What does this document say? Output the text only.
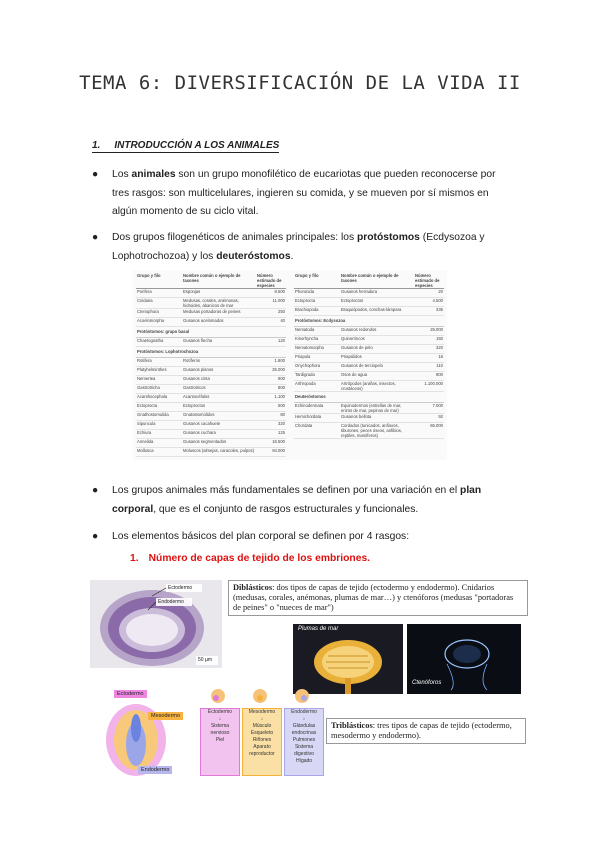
TEMA 6: DIVERSIFICACIÓN DE LA VIDA II
1. INTRODUCCIÓN A LOS ANIMALES
● Los animales son un grupo monofilético de eucariotas que pueden reconocerse por tres rasgos: son multicelulares, ingieren su comida, y se mueven por sí mismos en algún momento de su ciclo vital.
● Dos grupos filogenéticos de animales principales: los protóstomos (Ecdysozoa y Lophotrochozoa) y los deuteróstomos.
Grupo y filo	Nombre común o ejemplo de taxones	Número estimado de especies
Porifera	Esponjas	8.500
Cnidaria	Medusas, corales, anémonas, hidroides, abanicos de mar	11.000
Ctenophora	Medusas portadoras de peines	250
Acoelomorpha	Gusanos acelomados	40
Protóstomos: grupo basal		
Chaetognatha	Gusanos flecha	120
Protóstomos: Lophotrochozoa		
Rotifera	Rotíferos	1.800
Platyhelminthes	Gusanos planos	25.000
Nemertea	Gusanos cinta	900
Gastrotricha	Gastrotricos	800
Acanthocephala	Acantocéfalos	1.100
Ectoprocta	Ectoproctos	500
Gnathostomulida	Gnatostomúlidos	80
Sipuncula	Gusanos cacahuete	320
Echiura	Gusanos cuchara	125
Annelida	Gusanos segmentados	16.500
Mollusca	Moluscos (almejas, caracoles, pulpos)	94.000
Grupo y filo	Nombre común o ejemplo de taxones	Número estimado de especies
Phoronida	Gusanos herradura	20
Ectoprocta	Ectoproctos	4.500
Brachiopoda	Braquiópodos, conchas-lámpara	335
Protóstomos: Ecdysozoa		
Nematoda	Gusanos redondos	25.000
Kinorhyncha	Quinorrincos	150
Nematomorpha	Gusanos de pelo	320
Priapula	Priapúlidos	16
Onychophora	Gusanos de terciopelo	110
Tardigrada	Osos de agua	800
Arthropoda	Artrópodos (arañas, insectos, crustáceos)	1.100.000
Deuteróstomos		
Echinodermata	Equinodermos (estrellas de mar, erizos de mar, pepinos de mar)	7.000
Hemichordata	Gusanos bellota	92
Chordata	Cordados (tunicados, anfioxos, tiburones, peces óseos, anfibios, reptiles, mamíferos)	65.000
● Los grupos animales más fundamentales se definen por una variación en el plan corporal, que es el conjunto de rasgos estructurales y funcionales.
● Los elementos básicos del plan corporal se definen por 4 rasgos:
1. Número de capas de tejido de los embriones.
Ectodermo
Endodermo
50 µm
Diblásticos: dos tipos de capas de tejido (ectodermo y endodermo). Cnidarios (medusas, corales, anémonas, plumas de mar…) y ctenóforos (medusas "portadoras de peines" o "nueces de mar")
Plumas de mar
Ctenóforos
Ectodermo
Mesodermo
Endodermo
Ectodermo
↓
Sistema nervioso
Piel
Mesodermo
↓
Músculo
Esqueleto
Riñones
Aparato reproductor
Endodermo
↓
Glándulas endocrinas
Pulmones
Sistema digestivo
Hígado
Triblásticos: tres tipos de capas de tejido (ectodermo, mesodermo y endodermo).
